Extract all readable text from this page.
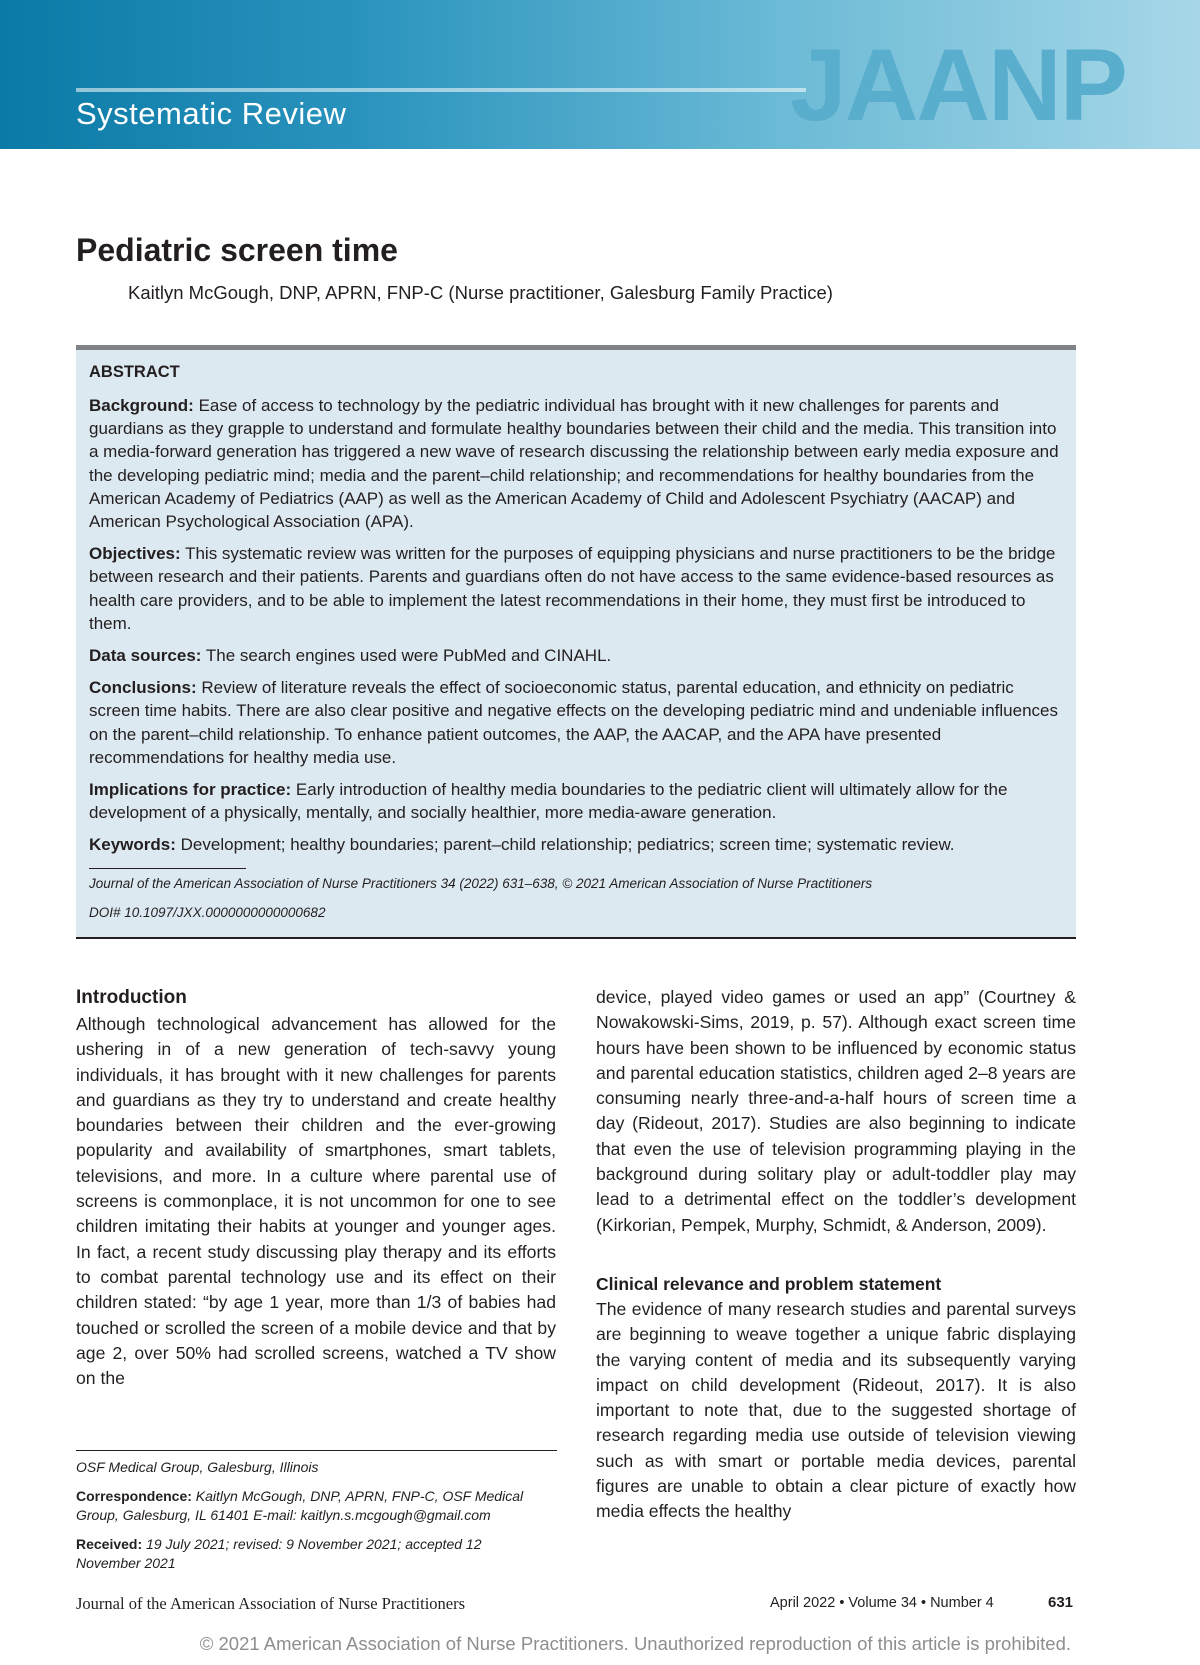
Systematic Review	JAANP
Pediatric screen time
Kaitlyn McGough, DNP, APRN, FNP-C (Nurse practitioner, Galesburg Family Practice)
ABSTRACT

Background: Ease of access to technology by the pediatric individual has brought with it new challenges for parents and guardians as they grapple to understand and formulate healthy boundaries between their child and the media. This transition into a media-forward generation has triggered a new wave of research discussing the relationship between early media exposure and the developing pediatric mind; media and the parent–child relationship; and recommendations for healthy boundaries from the American Academy of Pediatrics (AAP) as well as the American Academy of Child and Adolescent Psychiatry (AACAP) and American Psychological Association (APA).

Objectives: This systematic review was written for the purposes of equipping physicians and nurse practitioners to be the bridge between research and their patients. Parents and guardians often do not have access to the same evidence-based resources as health care providers, and to be able to implement the latest recommendations in their home, they must first be introduced to them.

Data sources: The search engines used were PubMed and CINAHL.

Conclusions: Review of literature reveals the effect of socioeconomic status, parental education, and ethnicity on pediatric screen time habits. There are also clear positive and negative effects on the developing pediatric mind and undeniable influences on the parent–child relationship. To enhance patient outcomes, the AAP, the AACAP, and the APA have presented recommendations for healthy media use.

Implications for practice: Early introduction of healthy media boundaries to the pediatric client will ultimately allow for the development of a physically, mentally, and socially healthier, more media-aware generation.

Keywords: Development; healthy boundaries; parent–child relationship; pediatrics; screen time; systematic review.

Journal of the American Association of Nurse Practitioners 34 (2022) 631–638, © 2021 American Association of Nurse Practitioners

DOI# 10.1097/JXX.0000000000000682

Introduction

Although technological advancement has allowed for the ushering in of a new generation of tech-savvy young individuals, it has brought with it new challenges for parents and guardians as they try to understand and create healthy boundaries between their children and the ever-growing popularity and availability of smartphones, smart tablets, televisions, and more. In a culture where parental use of screens is commonplace, it is not uncommon for one to see children imitating their habits at younger and younger ages. In fact, a recent study discussing play therapy and its efforts to combat parental technology use and its effect on their children stated: “by age 1 year, more than 1/3 of babies had touched or scrolled the screen of a mobile device and that by age 2, over 50% had scrolled screens, watched a TV show on the

device, played video games or used an app” (Courtney & Nowakowski-Sims, 2019, p. 57). Although exact screen time hours have been shown to be influenced by economic status and parental education statistics, children aged 2–8 years are consuming nearly three-and-a-half hours of screen time a day (Rideout, 2017). Studies are also beginning to indicate that even the use of television programming playing in the background during solitary play or adult-toddler play may lead to a detrimental effect on the toddler’s development (Kirkorian, Pempek, Murphy, Schmidt, & Anderson, 2009).

Clinical relevance and problem statement

The evidence of many research studies and parental surveys are beginning to weave together a unique fabric displaying the varying content of media and its subsequently varying impact on child development (Rideout, 2017). It is also important to note that, due to the suggested shortage of research regarding media use outside of television viewing such as with smart or portable media devices, parental figures are unable to obtain a clear picture of exactly how media effects the healthy

OSF Medical Group, Galesburg, Illinois

Correspondence: Kaitlyn McGough, DNP, APRN, FNP-C, OSF Medical Group, Galesburg, IL 61401 E-mail: kaitlyn.s.mcgough@gmail.com

Received: 19 July 2021; revised: 9 November 2021; accepted 12 November 2021

Journal of the American Association of Nurse Practitioners	April 2022 • Volume 34 • Number 4	631
© 2021 American Association of Nurse Practitioners. Unauthorized reproduction of this article is prohibited.
